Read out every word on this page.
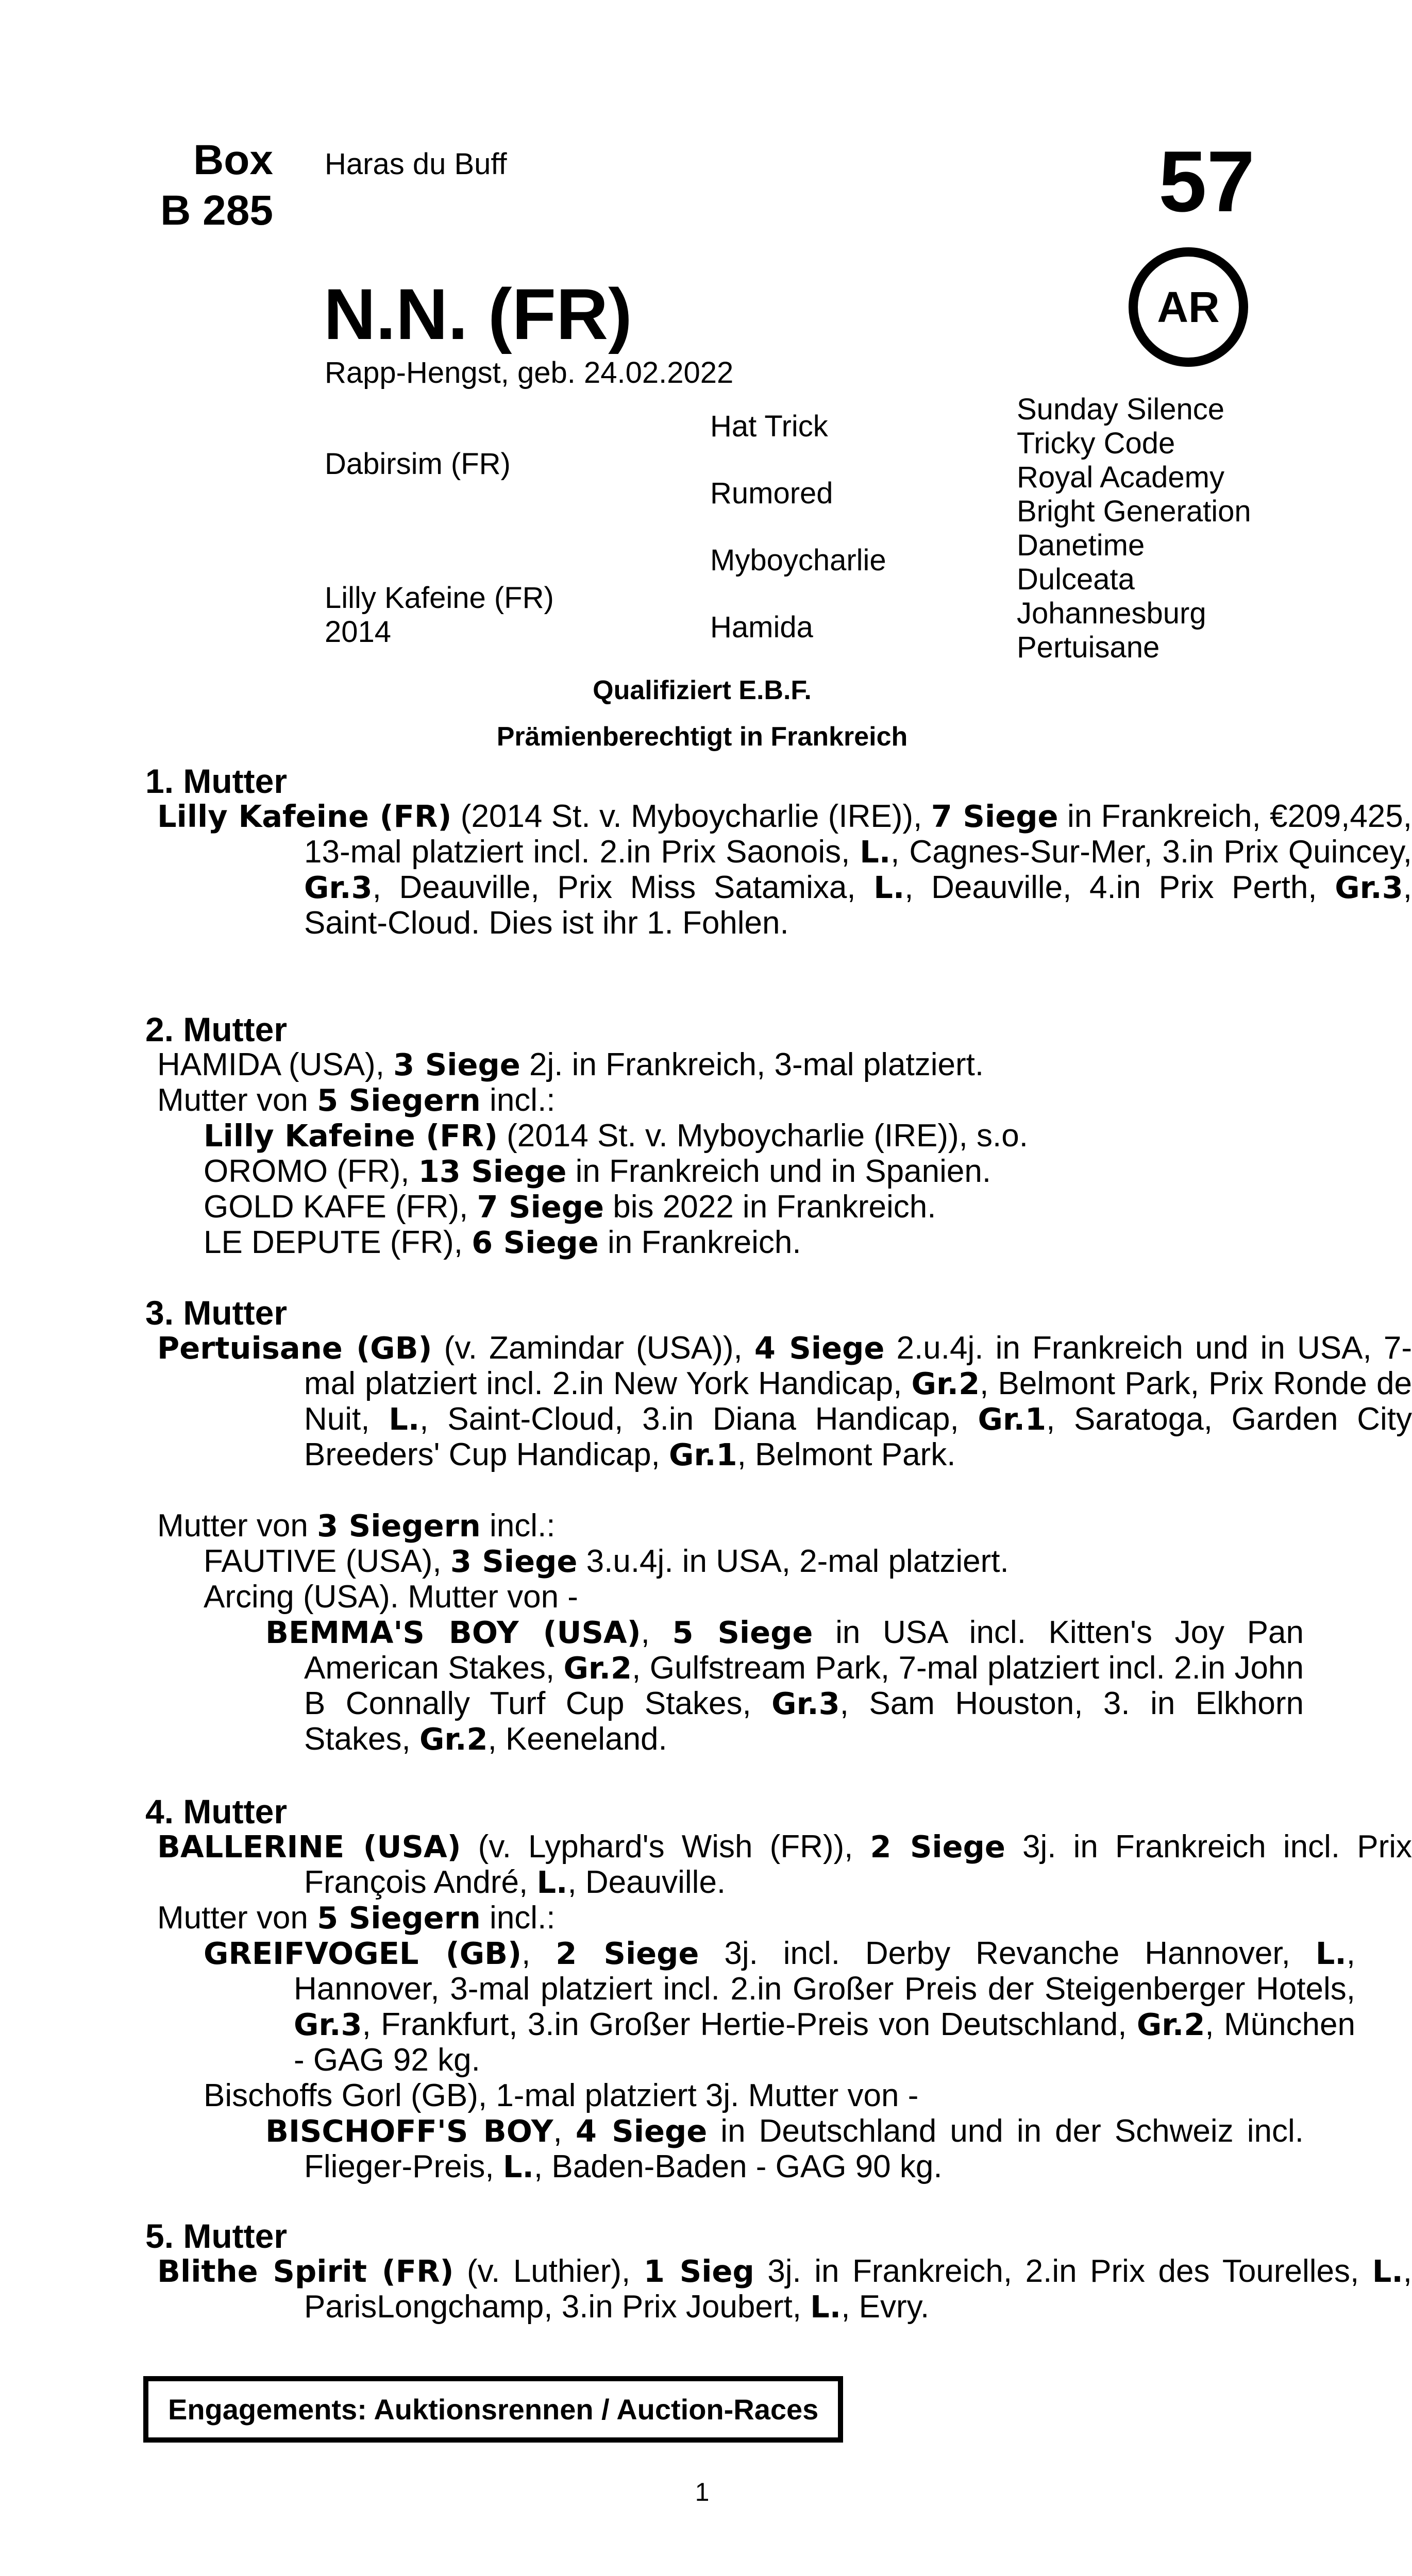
Box
B 285
Haras du Buff	57
AR
N.N. (FR)
Rapp-Hengst, geb. 24.02.2022
Dabirsim (FR)
Lilly Kafeine (FR)
2014
Hat Trick
Rumored
Myboycharlie
Hamida
Sunday Silence
Tricky Code
Royal Academy
Bright Generation
Danetime
Dulceata
Johannesburg
Pertuisane
Qualifiziert E.B.F.
Prämienberechtigt in Frankreich
1. Mutter
Lilly Kafeine (FR) (2014 St. v. Myboycharlie (IRE)), 7 Siege in Frankreich, €209,425, 13-mal platziert incl. 2.in Prix Saonois, L., Cagnes-Sur-Mer, 3.in Prix Quincey, Gr.3, Deauville, Prix Miss Satamixa, L., Deauville, 4.in Prix Perth, Gr.3, Saint-Cloud. Dies ist ihr 1. Fohlen.
2. Mutter
HAMIDA (USA), 3 Siege 2j. in Frankreich, 3-mal platziert.
Mutter von 5 Siegern incl.:
Lilly Kafeine (FR) (2014 St. v. Myboycharlie (IRE)), s.o.
OROMO (FR), 13 Siege in Frankreich und in Spanien.
GOLD KAFE (FR), 7 Siege bis 2022 in Frankreich.
LE DEPUTE (FR), 6 Siege in Frankreich.
3. Mutter
Pertuisane (GB) (v. Zamindar (USA)), 4 Siege 2.u.4j. in Frankreich und in USA, 7-mal platziert incl. 2.in New York Handicap, Gr.2, Belmont Park, Prix Ronde de Nuit, L., Saint-Cloud, 3.in Diana Handicap, Gr.1, Saratoga, Garden City Breeders' Cup Handicap, Gr.1, Belmont Park.
Mutter von 3 Siegern incl.:
FAUTIVE (USA), 3 Siege 3.u.4j. in USA, 2-mal platziert.
Arcing (USA). Mutter von -
BEMMA'S BOY (USA), 5 Siege in USA incl. Kitten's Joy Pan American Stakes, Gr.2, Gulfstream Park, 7-mal platziert incl. 2.in John B Connally Turf Cup Stakes, Gr.3, Sam Houston, 3. in Elkhorn Stakes, Gr.2, Keeneland.
4. Mutter
BALLERINE (USA) (v. Lyphard's Wish (FR)), 2 Siege 3j. in Frankreich incl. Prix François André, L., Deauville.
Mutter von 5 Siegern incl.:
GREIFVOGEL (GB), 2 Siege 3j. incl. Derby Revanche Hannover, L., Hannover, 3-mal platziert incl. 2.in Großer Preis der Steigenberger Hotels, Gr.3, Frankfurt, 3.in Großer Hertie-Preis von Deutschland, Gr.2, München - GAG 92 kg.
Bischoffs Gorl (GB), 1-mal platziert 3j. Mutter von -
BISCHOFF'S BOY, 4 Siege in Deutschland und in der Schweiz incl. Flieger-Preis, L., Baden-Baden - GAG 90 kg.
5. Mutter
Blithe Spirit (FR) (v. Luthier), 1 Sieg 3j. in Frankreich, 2.in Prix des Tourelles, L., ParisLongchamp, 3.in Prix Joubert, L., Evry.
Engagements: Auktionsrennen / Auction-Races
1
